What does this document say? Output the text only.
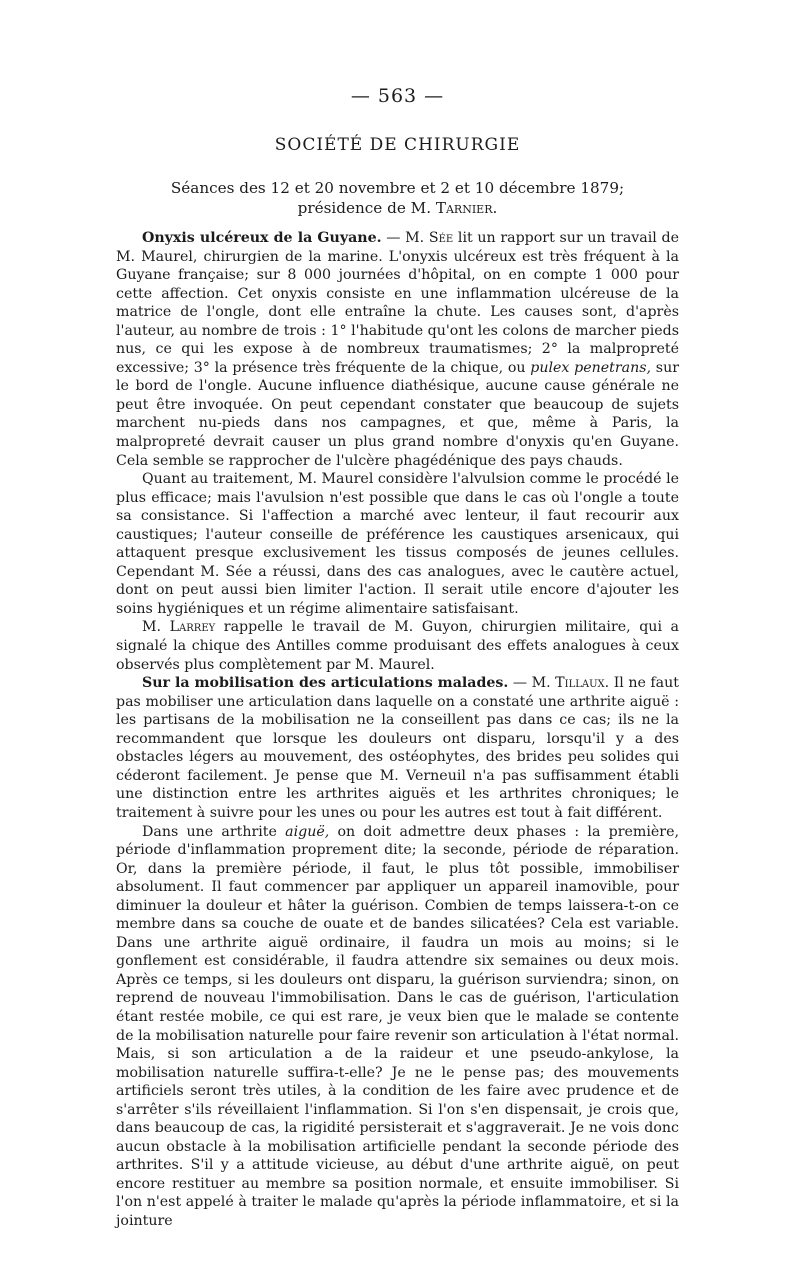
— 563 —
SOCIÉTÉ DE CHIRURGIE
Séances des 12 et 20 novembre et 2 et 10 décembre 1879;
présidence de M. Tarnier.

Onyxis ulcéreux de la Guyane. — M. Sée lit un rapport sur un travail de M. Maurel, chirurgien de la marine. L'onyxis ulcéreux est très fréquent à la Guyane française; sur 8 000 journées d'hôpital, on en compte 1 000 pour cette affection. Cet onyxis consiste en une inflammation ulcéreuse de la matrice de l'ongle, dont elle entraîne la chute. Les causes sont, d'après l'auteur, au nombre de trois : 1° l'habitude qu'ont les colons de marcher pieds nus, ce qui les expose à de nombreux traumatismes; 2° la malpropreté excessive; 3° la présence très fréquente de la chique, ou pulex penetrans, sur le bord de l'ongle. Aucune influence diathésique, aucune cause générale ne peut être invoquée. On peut cependant constater que beaucoup de sujets marchent nu-pieds dans nos campagnes, et que, même à Paris, la malpropreté devrait causer un plus grand nombre d'onyxis qu'en Guyane. Cela semble se rapprocher de l'ulcère phagédénique des pays chauds.

Quant au traitement, M. Maurel considère l'alvulsion comme le procédé le plus efficace; mais l'avulsion n'est possible que dans le cas où l'ongle a toute sa consistance. Si l'affection a marché avec lenteur, il faut recourir aux caustiques; l'auteur conseille de préférence les caustiques arsenicaux, qui attaquent presque exclusivement les tissus composés de jeunes cellules. Cependant M. Sée a réussi, dans des cas analogues, avec le cautère actuel, dont on peut aussi bien limiter l'action. Il serait utile encore d'ajouter les soins hygiéniques et un régime alimentaire satisfaisant.

M. Larrey rappelle le travail de M. Guyon, chirurgien militaire, qui a signalé la chique des Antilles comme produisant des effets analogues à ceux observés plus complètement par M. Maurel.

Sur la mobilisation des articulations malades. — M. Tillaux. Il ne faut pas mobiliser une articulation dans laquelle on a constaté une arthrite aiguë : les partisans de la mobilisation ne la conseillent pas dans ce cas; ils ne la recommandent que lorsque les douleurs ont disparu, lorsqu'il y a des obstacles légers au mouvement, des ostéophytes, des brides peu solides qui céderont facilement. Je pense que M. Verneuil n'a pas suffisamment établi une distinction entre les arthrites aiguës et les arthrites chroniques; le traitement à suivre pour les unes ou pour les autres est tout à fait différent.

Dans une arthrite aiguë, on doit admettre deux phases : la première, période d'inflammation proprement dite; la seconde, période de réparation. Or, dans la première période, il faut, le plus tôt possible, immobiliser absolument. Il faut commencer par appliquer un appareil inamovible, pour diminuer la douleur et hâter la guérison. Combien de temps laissera-t-on ce membre dans sa couche de ouate et de bandes silicatées? Cela est variable. Dans une arthrite aiguë ordinaire, il faudra un mois au moins; si le gonflement est considérable, il faudra attendre six semaines ou deux mois. Après ce temps, si les douleurs ont disparu, la guérison surviendra; sinon, on reprend de nouveau l'immobilisation. Dans le cas de guérison, l'articulation étant restée mobile, ce qui est rare, je veux bien que le malade se contente de la mobilisation naturelle pour faire revenir son articulation à l'état normal. Mais, si son articulation a de la raideur et une pseudo-ankylose, la mobilisation naturelle suffira-t-elle? Je ne le pense pas; des mouvements artificiels seront très utiles, à la condition de les faire avec prudence et de s'arrêter s'ils réveillaient l'inflammation. Si l'on s'en dispensait, je crois que, dans beaucoup de cas, la rigidité persisterait et s'aggraverait. Je ne vois donc aucun obstacle à la mobilisation artificielle pendant la seconde période des arthrites. S'il y a attitude vicieuse, au début d'une arthrite aiguë, on peut encore restituer au membre sa position normale, et ensuite immobiliser. Si l'on n'est appelé à traiter le malade qu'après la période inflammatoire, et si la jointure
